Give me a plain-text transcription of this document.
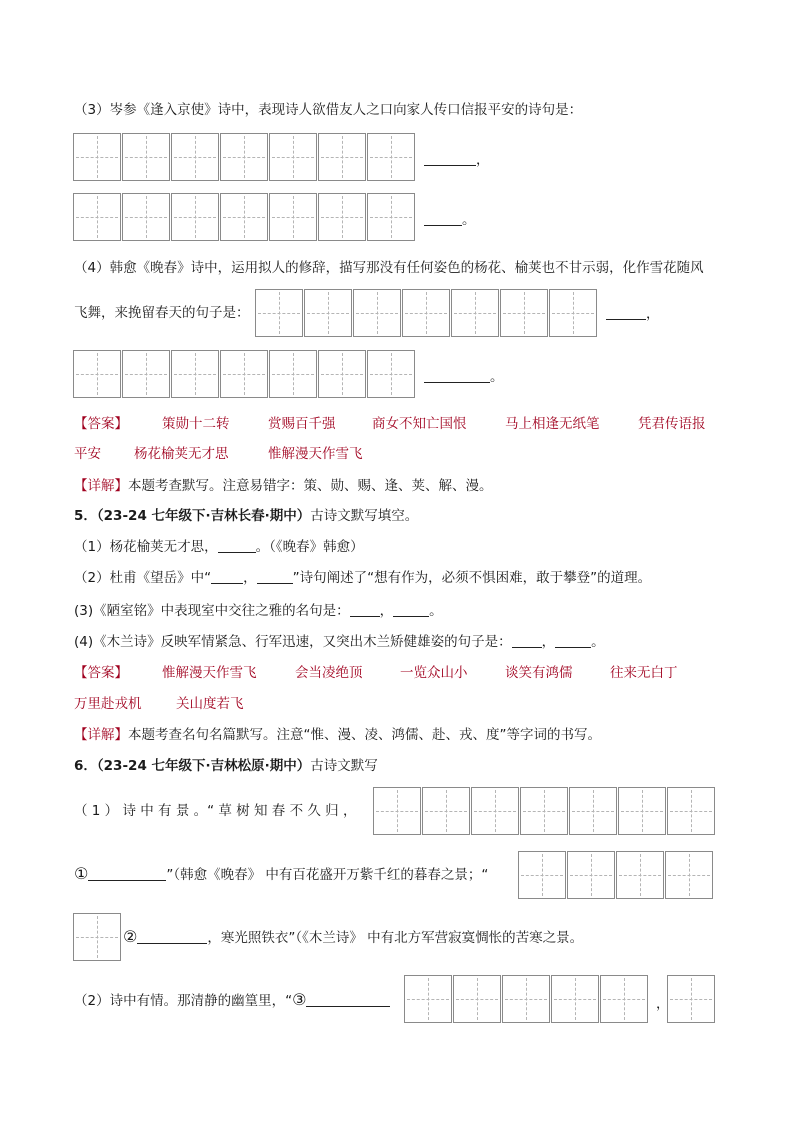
（3）岑参《逢入京使》诗中，表现诗人欲借友人之口向家人传口信报平安的诗句是：
，
。
（4）韩愈《晚春》诗中，运用拟人的修辞，描写那没有任何姿色的杨花、榆荚也不甘示弱，化作雪花随风
飞舞，来挽留春天的句子是：	，
。
【答案】	策勋十二转	赏赐百千强	商女不知亡国恨	马上相逢无纸笔	凭君传语报
平安 杨花榆荚无才思	惟解漫天作雪飞
【详解】本题考查默写。注意易错字：策、勋、赐、逢、荚、解、漫。
5．（23-24 七年级下·吉林长春·期中）古诗文默写填空。
（1）杨花榆荚无才思，	。（《晚春》韩愈）
（2）杜甫《望岳》中“ ，	”诗句阐述了“想有作为，必须不惧困难，敢于攀登”的道理。
(3)《陋室铭》中表现室中交往之雅的名句是： ，	。
(4)《木兰诗》反映军情紧急、行军迅速，又突出木兰矫健雄姿的句子是： ，	。
【答案】	惟解漫天作雪飞	会当凌绝顶	一览众山小	谈笑有鸿儒	往来无白丁
万里赴戎机	关山度若飞
【详解】本题考查名句名篇默写。注意“惟、漫、凌、鸿儒、赴、戎、度”等字词的书写。
6．（23-24 七年级下·吉林松原·期中）古诗文默写
（ 1 ） 诗 中 有 景 。“ 草 树 知 春 不 久 归 ，
①	”（韩愈《晚春》 中有百花盛开万紫千红的暮春之景；“
②	，寒光照铁衣”（《木兰诗》 中有北方军营寂寞惆怅的苦寒之景。
（2）诗中有情。那清静的幽篁里，“③	，
